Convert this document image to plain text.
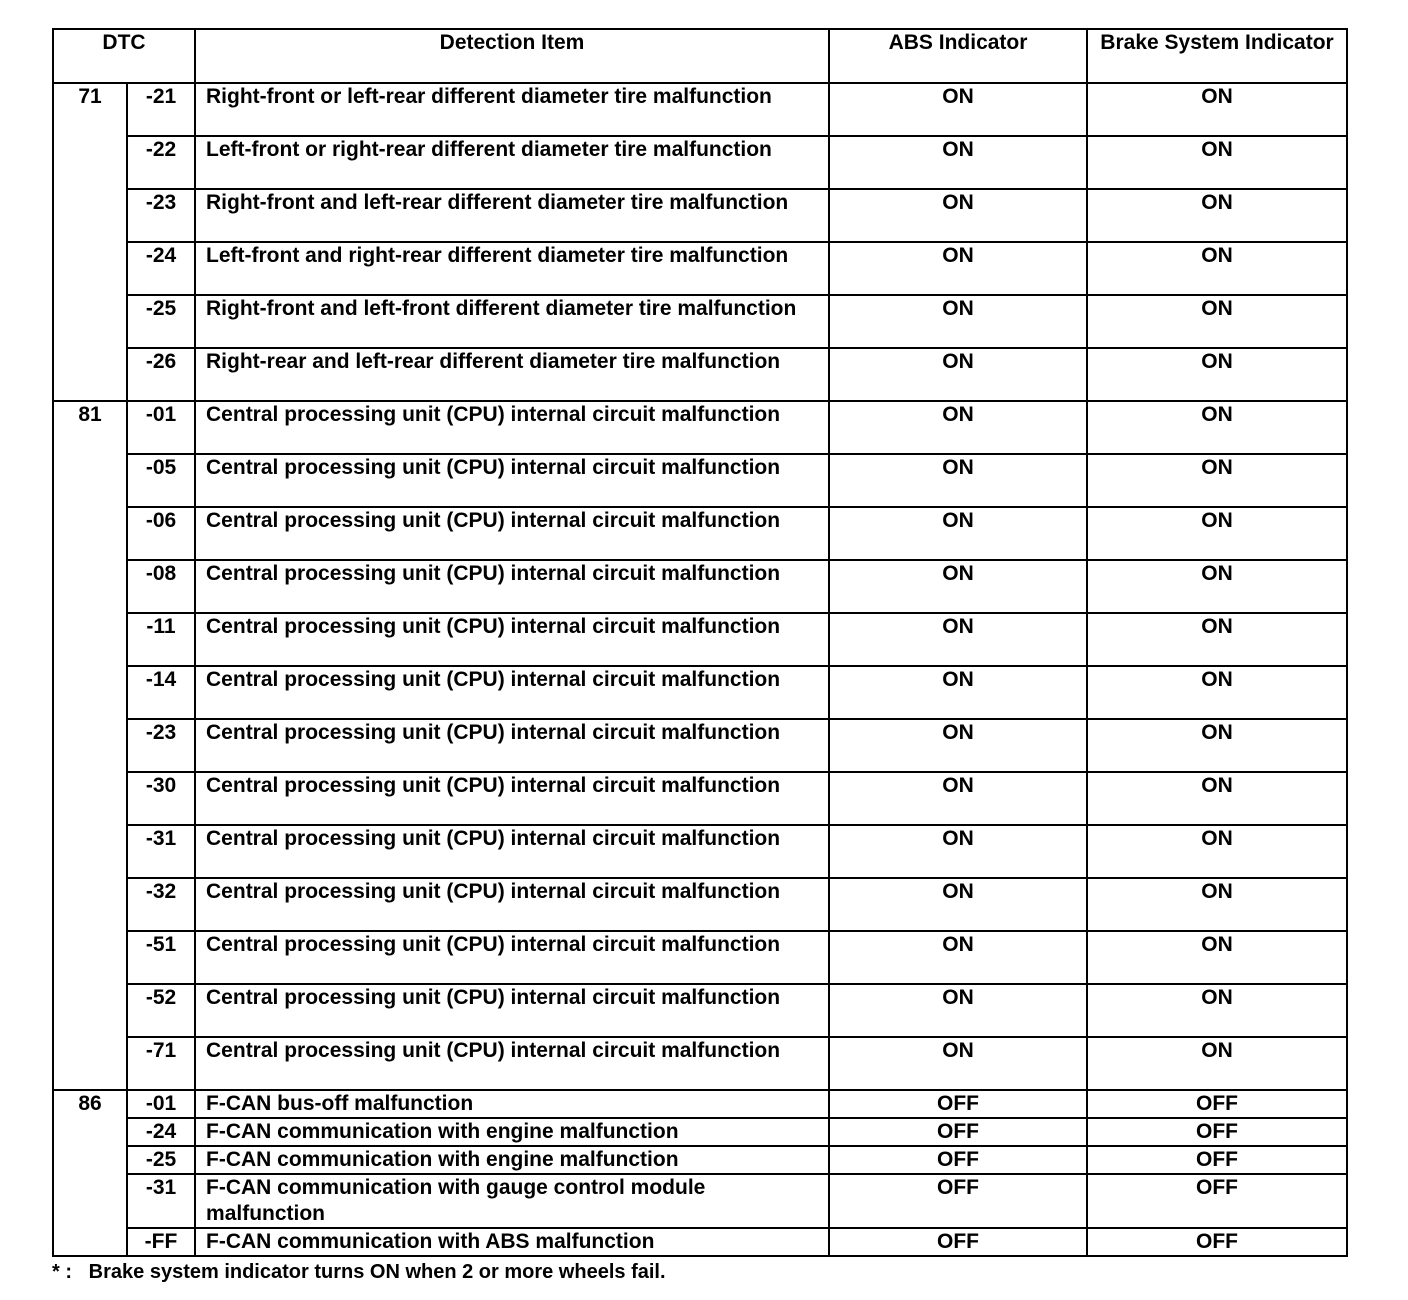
DTC		Detection Item	ABS Indicator	Brake System Indicator
71	-21	Right-front or left-rear different diameter tire malfunction	ON	ON
	-22	Left-front or right-rear different diameter tire malfunction	ON	ON
	-23	Right-front and left-rear different diameter tire malfunction	ON	ON
	-24	Left-front and right-rear different diameter tire malfunction	ON	ON
	-25	Right-front and left-front different diameter tire malfunction	ON	ON
	-26	Right-rear and left-rear different diameter tire malfunction	ON	ON
81	-01	Central processing unit (CPU) internal circuit malfunction	ON	ON
	-05	Central processing unit (CPU) internal circuit malfunction	ON	ON
	-06	Central processing unit (CPU) internal circuit malfunction	ON	ON
	-08	Central processing unit (CPU) internal circuit malfunction	ON	ON
	-11	Central processing unit (CPU) internal circuit malfunction	ON	ON
	-14	Central processing unit (CPU) internal circuit malfunction	ON	ON
	-23	Central processing unit (CPU) internal circuit malfunction	ON	ON
	-30	Central processing unit (CPU) internal circuit malfunction	ON	ON
	-31	Central processing unit (CPU) internal circuit malfunction	ON	ON
	-32	Central processing unit (CPU) internal circuit malfunction	ON	ON
	-51	Central processing unit (CPU) internal circuit malfunction	ON	ON
	-52	Central processing unit (CPU) internal circuit malfunction	ON	ON
	-71	Central processing unit (CPU) internal circuit malfunction	ON	ON
86	-01	F-CAN bus-off malfunction	OFF	OFF
	-24	F-CAN communication with engine malfunction	OFF	OFF
	-25	F-CAN communication with engine malfunction	OFF	OFF
	-31	F-CAN communication with gauge control module malfunction	OFF	OFF
	-FF	F-CAN communication with ABS malfunction	OFF	OFF
* :   Brake system indicator turns ON when 2 or more wheels fail.
